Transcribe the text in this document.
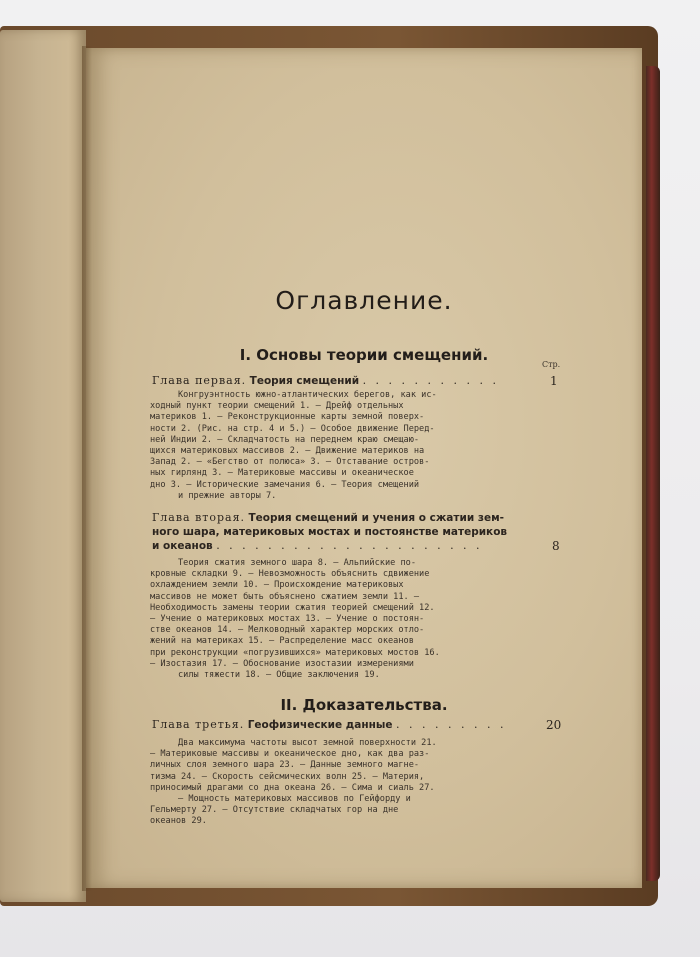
Оглавление.
I. Основы теории смещений.
Стр.
Глава первая. Теория смещений . . . . . . . . . . .	1

Конгруэнтность южно-атлантических берегов, как ис-

ходный пункт теории смещений 1. — Дрейф отдельных

материков 1. — Реконструкционные карты земной поверх-

ности 2. (Рис. на стр. 4 и 5.) — Особое движение Перед-

ней Индии 2. — Складчатость на переднем краю смещаю-

щихся материковых массивов 2. — Движение материков на

Запад 2. — «Бегство от полюса» 3. — Отставание остров-

ных гирлянд 3. — Материковые массивы и океаническое

дно 3. — Исторические замечания 6. — Теория смещений

и прежние авторы 7.

Глава вторая. Теория смещений и учения о сжатии зем-
ного шара, материковых мостах и постоянстве материков
и океанов . . . . . . . . . . . . . . . . . . . . .	8

Теория сжатия земного шара 8. — Альпийские по-

кровные складки 9. — Невозможность объяснить сдвижение

охлаждением земли 10. — Происхождение материковых

массивов не может быть объяснено сжатием земли 11. —

Необходимость замены теории сжатия теорией смещений 12.

— Учение о материковых мостах 13. — Учение о постоян-

стве океанов 14. — Мелководный характер морских отло-

жений на материках 15. — Распределение масс океанов

при реконструкции «погрузившихся» материковых мостов 16.

— Изостазия 17. — Обоснование изостазии измерениями

силы тяжести 18. — Общие заключения 19.

II. Доказательства.
Глава третья. Геофизические данные . . . . . . . . .	20

Два максимума частоты высот земной поверхности 21.

— Материковые массивы и океаническое дно, как два раз-

личных слоя земного шара 23. — Данные земного магне-

тизма 24. — Скорость сейсмических волн 25. — Материя,

приносимый драгами со дна океана 26. — Сима и сиаль 27.

— Мощность материковых массивов по Гейфорду и

Гельмерту 27. — Отсутствие складчатых гор на дне

океанов 29.
